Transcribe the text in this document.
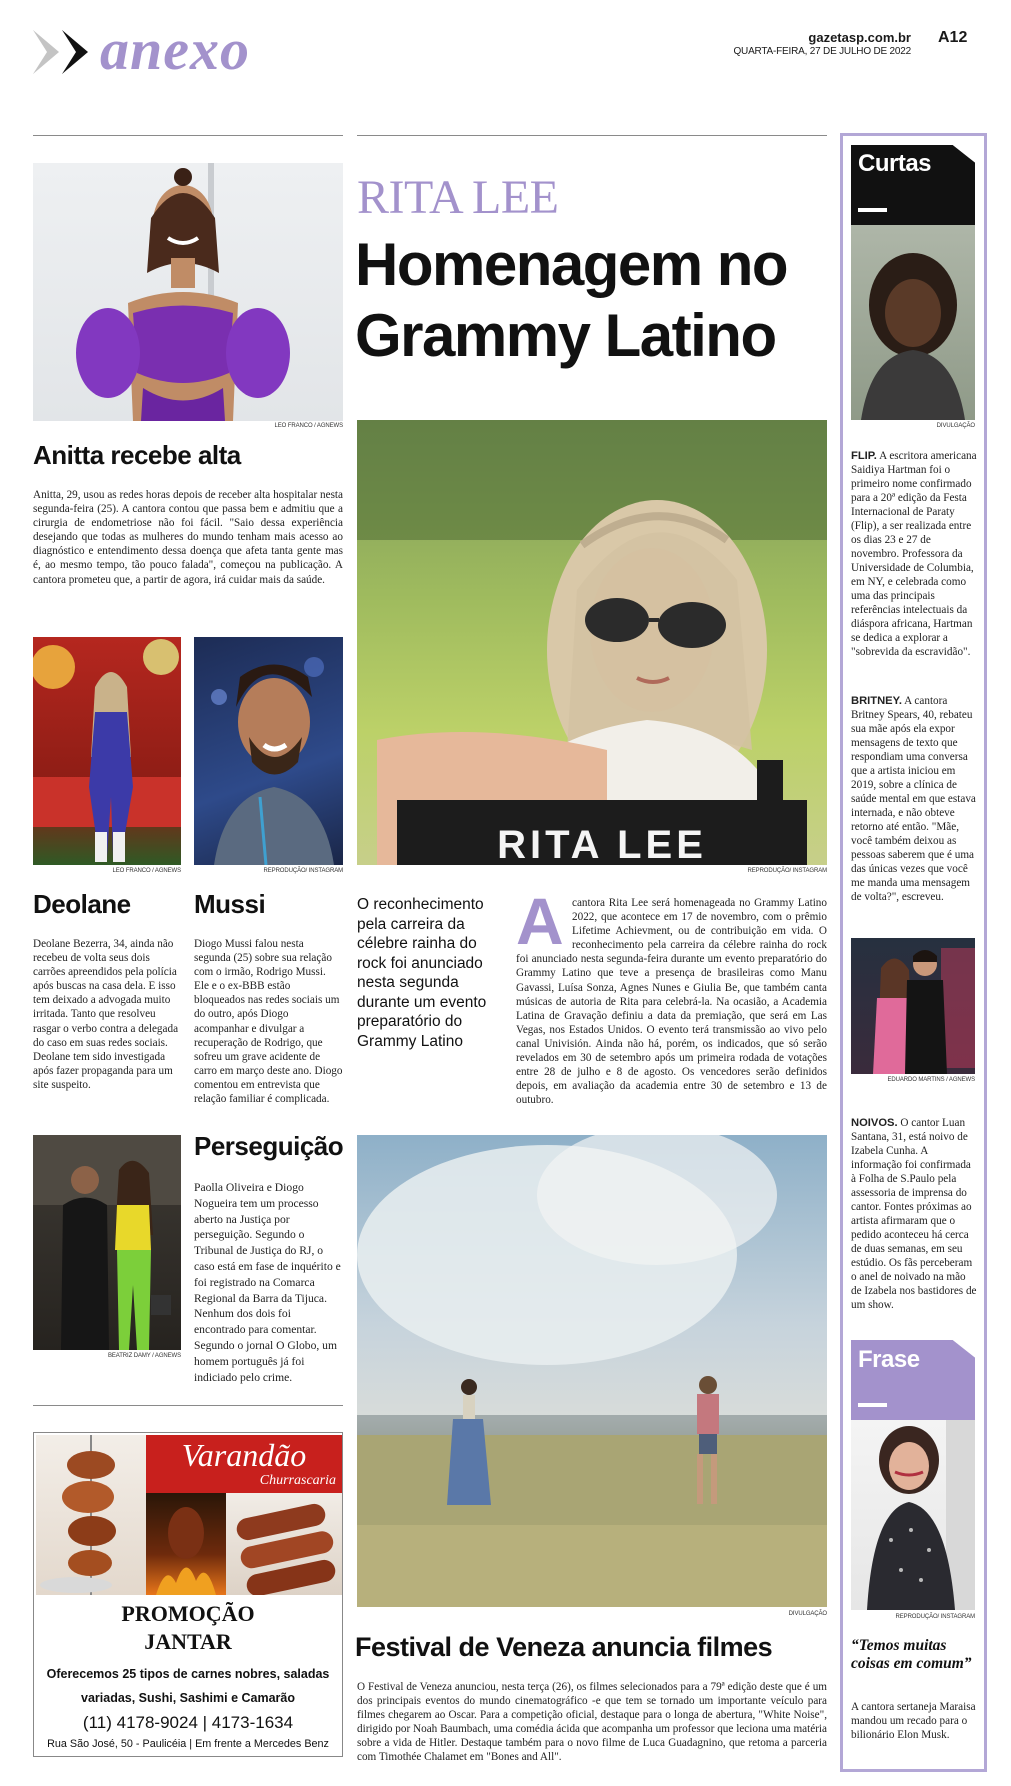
anexo	gazetasp.com.br
QUARTA-FEIRA, 27 DE JULHO DE 2022
A12
LEO FRANCO / AGNEWS
Anitta recebe alta
Anitta, 29, usou as redes horas depois de receber alta hospitalar nesta segunda-feira (25). A cantora contou que passa bem e admitiu que a cirurgia de endometriose não foi fácil. "Saio dessa experiência desejando que todas as mulheres do mundo tenham mais acesso ao diagnóstico e entendimento dessa doença que afeta tanta gente mas é, ao mesmo tempo, tão pouco falada", começou na publicação. A cantora prometeu que, a partir de agora, irá cuidar mais da saúde.
LEO FRANCO / AGNEWS	REPRODUÇÃO/ INSTAGRAM
Deolane Mussi
Deolane Bezerra, 34, ainda não recebeu de volta seus dois carrões apreendidos pela polícia após buscas na casa dela. E isso tem deixado a advogada muito irritada. Tanto que resolveu rasgar o verbo contra a delegada do caso em suas redes sociais. Deolane tem sido investigada após fazer propaganda para um site suspeito.
Diogo Mussi falou nesta segunda (25) sobre sua relação com o irmão, Rodrigo Mussi. Ele e o ex-BBB estão bloqueados nas redes sociais um do outro, após Diogo acompanhar e divulgar a recuperação de Rodrigo, que sofreu um grave acidente de carro em março deste ano. Diogo comentou em entrevista que relação familiar é complicada.
BEATRIZ DAMY / AGNEWS
Perseguição
Paolla Oliveira e Diogo Nogueira tem um processo aberto na Justiça por perseguição. Segundo o Tribunal de Justiça do RJ, o caso está em fase de inquérito e foi registrado na Comarca Regional da Barra da Tijuca. Nenhum dos dois foi encontrado para comentar. Segundo o jornal O Globo, um homem português já foi indiciado pelo crime.
Varandão
Churrascaria
PROMOÇÃO
JANTAR
Oferecemos 25 tipos de carnes nobres, saladas
variadas, Sushi, Sashimi e Camarão
(11) 4178-9024 | 4173-1634
Rua São José, 50 - Paulicéia | Em frente a Mercedes Benz
RITA LEE
Homenagem no
Grammy Latino
RITA LEE
REPRODUÇÃO/ INSTAGRAM
O reconhecimento pela carreira da célebre rainha do rock foi anunciado nesta segunda durante um evento preparatório do Grammy Latino
A cantora Rita Lee será homenageada no Grammy Latino 2022, que acontece em 17 de novembro, com o prêmio Lifetime Achievment, ou de contribuição em vida. O reconhecimento pela carreira da célebre rainha do rock foi anunciado nesta segunda-feira durante um evento preparatório do Grammy Latino que teve a presença de brasileiras como Manu Gavassi, Luísa Sonza, Agnes Nunes e Giulia Be, que também canta músicas de autoria de Rita para celebrá-la. Na ocasião, a Academia Latina de Gravação definiu a data da premiação, que será em Las Vegas, nos Estados Unidos. O evento terá transmissão ao vivo pelo canal Univisión. Ainda não há, porém, os indicados, que só serão revelados em 30 de setembro após um primeira rodada de votações entre 28 de julho e 8 de agosto. Os vencedores serão definidos depois, em avaliação da academia entre 30 de setembro e 13 de outubro.
DIVULGAÇÃO
Festival de Veneza anuncia filmes
O Festival de Veneza anunciou, nesta terça (26), os filmes selecionados para a 79ª edição deste que é um dos principais eventos do mundo cinematográfico -e que tem se tornado um importante veículo para filmes chegarem ao Oscar. Para a competição oficial, destaque para o longa de abertura, "White Noise", dirigido por Noah Baumbach, uma comédia ácida que acompanha um professor que leciona uma matéria sobre a vida de Hitler. Destaque também para o novo filme de Luca Guadagnino, que retoma a parceria com Timothée Chalamet em "Bones and All".
Curtas
DIVULGAÇÃO
FLIP. A escritora americana Saidiya Hartman foi o primeiro nome confirmado para a 20ª edição da Festa Internacional de Paraty (Flip), a ser realizada entre os dias 23 e 27 de novembro. Professora da Universidade de Columbia, em NY, e celebrada como uma das principais referências intelectuais da diáspora africana, Hartman se dedica a explorar a "sobrevida da escravidão".
BRITNEY. A cantora Britney Spears, 40, rebateu sua mãe após ela expor mensagens de texto que respondiam uma conversa que a artista iniciou em 2019, sobre a clínica de saúde mental em que estava internada, e não obteve retorno até então. "Mãe, você também deixou as pessoas saberem que é uma das únicas vezes que você me manda uma mensagem de volta?", escreveu.
EDUARDO MARTINS / AGNEWS
NOIVOS. O cantor Luan Santana, 31, está noivo de Izabela Cunha. A informação foi confirmada à Folha de S.Paulo pela assessoria de imprensa do cantor. Fontes próximas ao artista afirmaram que o pedido aconteceu há cerca de duas semanas, em seu estúdio. Os fãs perceberam o anel de noivado na mão de Izabela nos bastidores de um show.
Frase
REPRODUÇÃO/ INSTAGRAM
“Temos muitas coisas em comum”
A cantora sertaneja Maraisa mandou um recado para o bilionário Elon Musk.
